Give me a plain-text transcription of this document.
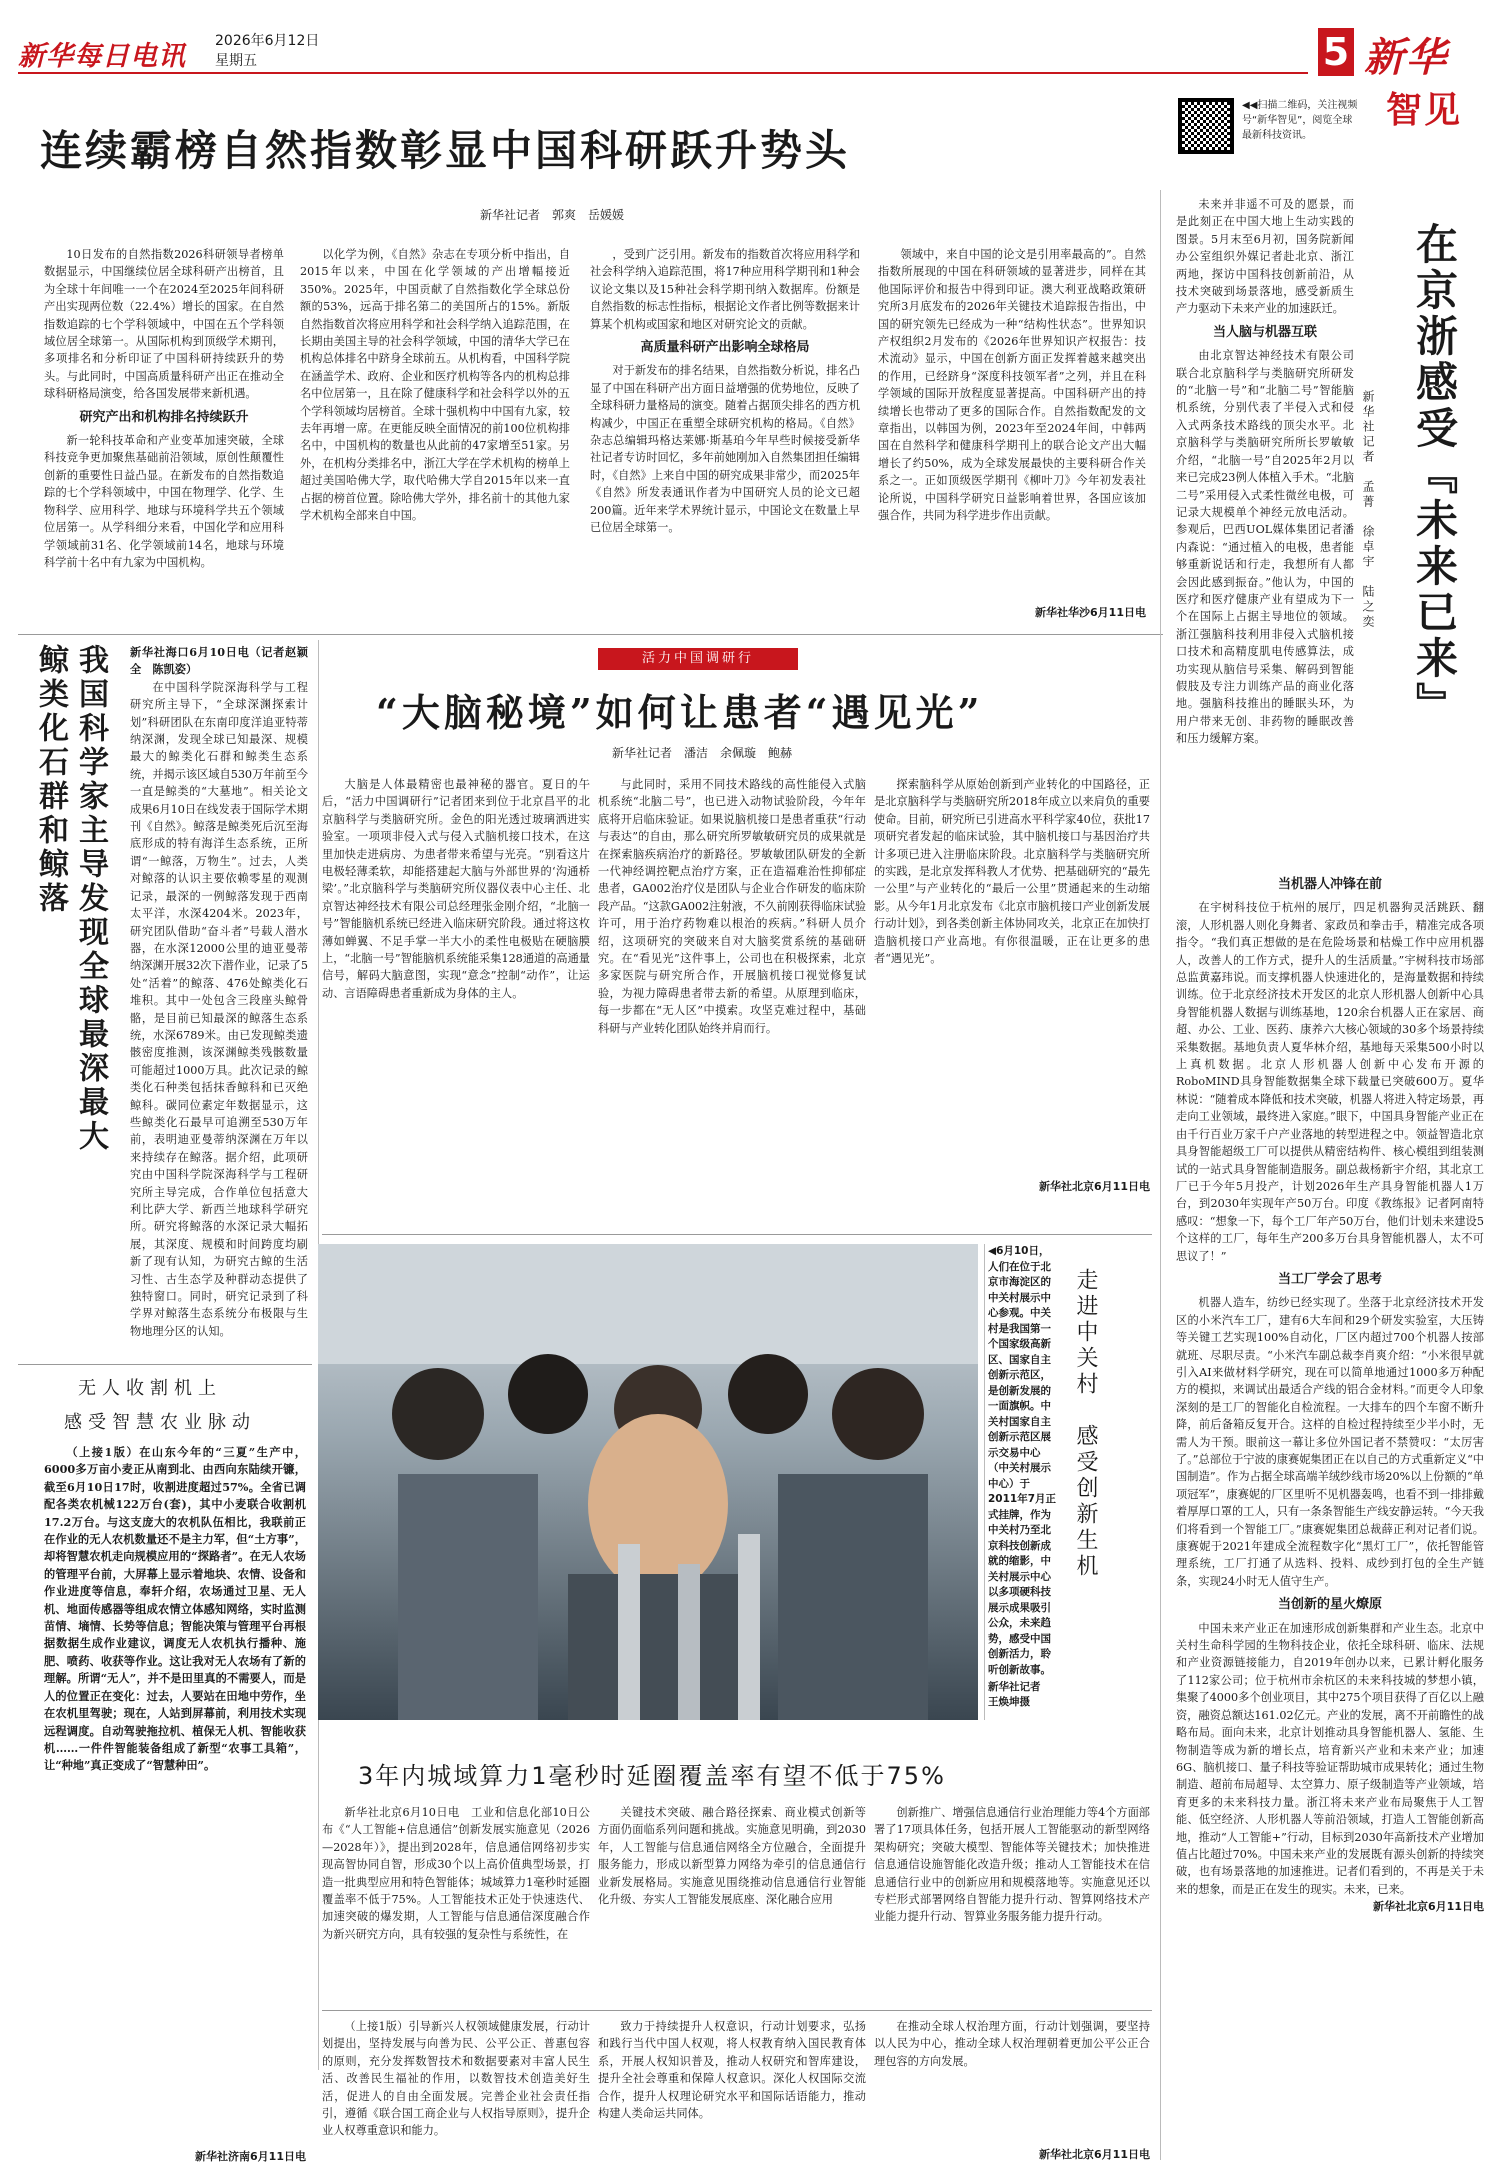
新华每日电讯 2026年6月12日
星期五	5 新华
智见
◀◀扫描二维码，关注视频号“新华智见”，阅览全球最新科技资讯。
连续霸榜自然指数彰显中国科研跃升势头
新华社记者　郭爽　岳媛媛

10日发布的自然指数2026科研领导者榜单数据显示，中国继续位居全球科研产出榜首，且为全球十年间唯一一个在2024至2025年间科研产出实现两位数（22.4%）增长的国家。在自然指数追踪的七个学科领域中，中国在五个学科领域位居全球第一。从国际机构到顶级学术期刊，多项排名和分析印证了中国科研持续跃升的势头。与此同时，中国高质量科研产出正在推动全球科研格局演变，给各国发展带来新机遇。

研究产出和机构排名持续跃升

新一轮科技革命和产业变革加速突破，全球科技竞争更加聚焦基础前沿领域，原创性颠覆性创新的重要性日益凸显。在新发布的自然指数追踪的七个学科领域中，中国在物理学、化学、生物科学、应用科学、地球与环境科学共五个领域位居第一。从学科细分来看，中国化学和应用科学领域前31名、化学领域前14名，地球与环境科学前十名中有九家为中国机构。

以化学为例，《自然》杂志在专项分析中指出，自2015年以来，中国在化学领域的产出增幅接近350%。2025年，中国贡献了自然指数化学全球总份额的53%，远高于排名第二的美国所占的15%。新版自然指数首次将应用科学和社会科学纳入追踪范围，在长期由美国主导的社会科学领域，中国的清华大学已在机构总体排名中跻身全球前五。从机构看，中国科学院在涵盖学术、政府、企业和医疗机构等各内的机构总排名中位居第一，且在除了健康科学和社会科学以外的五个学科领域均居榜首。全球十强机构中中国有九家，较去年再增一席。在更能反映全面情况的前100位机构排名中，中国机构的数量也从此前的47家增至51家。另外，在机构分类排名中，浙江大学在学术机构的榜单上超过美国哈佛大学，取代哈佛大学自2015年以来一直占据的榜首位置。除哈佛大学外，排名前十的其他九家学术机构全部来自中国。

，受到广泛引用。新发布的指数首次将应用科学和社会科学纳入追踪范围，将17种应用科学期刊和1种会议论文集以及15种社会科学期刊纳入数据库。份额是自然指数的标志性指标，根据论文作者比例等数据来计算某个机构或国家和地区对研究论文的贡献。

高质量科研产出影响全球格局

对于新发布的排名结果，自然指数分析说，排名凸显了中国在科研产出方面日益增强的优势地位，反映了全球科研力量格局的演变。随着占据顶尖排名的西方机构减少，中国正在重塑全球研究机构的格局。《自然》杂志总编辑玛格达莱娜·斯基珀今年早些时候接受新华社记者专访时回忆，多年前她刚加入自然集团担任编辑时，《自然》上来自中国的研究成果非常少，而2025年《自然》所发表通讯作者为中国研究人员的论文已超200篇。近年来学术界统计显示，中国论文在数量上早已位居全球第一。

领域中，来自中国的论文是引用率最高的”。自然指数所展现的中国在科研领域的显著进步，同样在其他国际评价和报告中得到印证。澳大利亚战略政策研究所3月底发布的2026年关键技术追踪报告指出，中国的研究领先已经成为一种“结构性状态”。世界知识产权组织2月发布的《2026年世界知识产权报告：技术流动》显示，中国在创新方面正发挥着越来越突出的作用，已经跻身“深度科技领军者”之列，并且在科学领域的国际开放程度显著提高。中国科研产出的持续增长也带动了更多的国际合作。自然指数配发的文章指出，以韩国为例，2023年至2024年间，中韩两国在自然科学和健康科学期刊上的联合论文产出大幅增长了约50%，成为全球发展最快的主要科研合作关系之一。正如顶级医学期刊《柳叶刀》今年初发表社论所说，中国科学研究日益影响着世界，各国应该加强合作，共同为科学进步作出贡献。

新华社华沙6月11日电	在京浙感受『未来已来』
新华社记者　孟菁　徐卓宇　陆之奕

未来并非遥不可及的愿景，而是此刻正在中国大地上生动实践的图景。5月末至6月初，国务院新闻办公室组织外媒记者赴北京、浙江两地，探访中国科技创新前沿，从技术突破到场景落地，感受新质生产力驱动下未来产业的加速跃迁。

当人脑与机器互联

由北京智达神经技术有限公司联合北京脑科学与类脑研究所研发的“北脑一号”和“北脑二号”智能脑机系统，分别代表了半侵入式和侵入式两条技术路线的顶尖水平。北京脑科学与类脑研究所所长罗敏敏介绍，“北脑一号”自2025年2月以来已完成23例人体植入手术。“北脑二号”采用侵入式柔性微丝电极，可记录大规模单个神经元放电活动。参观后，巴西UOL媒体集团记者潘内森说：“通过植入的电极，患者能够重新说话和行走，我想所有人都会因此感到振奋。”他认为，中国的医疗和医疗健康产业有望成为下一个在国际上占据主导地位的领域。浙江强脑科技利用非侵入式脑机接口技术和高精度肌电传感算法，成功实现从脑信号采集、解码到智能假肢及专注力训练产品的商业化落地。强脑科技推出的睡眠头环，为用户带来无创、非药物的睡眠改善和压力缓解方案。

当机器人冲锋在前

在宇树科技位于杭州的展厅，四足机器狗灵活跳跃、翻滚，人形机器人则化身舞者、家政员和拳击手，精准完成各项指令。“我们真正想做的是在危险场景和枯燥工作中应用机器人，改善人的工作方式，提升人的生活质量。”宇树科技市场部总监黄嘉玮说。而支撑机器人快速进化的，是海量数据和持续训练。位于北京经济技术开发区的北京人形机器人创新中心具身智能机器人数据与训练基地，120余台机器人正在家居、商超、办公、工业、医药、康养六大核心领域的30多个场景持续采集数据。基地负责人夏华林介绍，基地每天采集500小时以上真机数据。北京人形机器人创新中心发布开源的RoboMIND具身智能数据集全球下载量已突破600万。夏华林说：“随着成本降低和技术突破，机器人将进入特定场景，再走向工业领域，最终进入家庭。”眼下，中国具身智能产业正在由千行百业万家千户产业落地的转型进程之中。领益智造北京具身智能超级工厂可以提供从精密结构件、核心模组到组装测试的一站式具身智能制造服务。副总裁杨新宇介绍，其北京工厂已于今年5月投产，计划2026年生产具身智能机器人1万台，到2030年实现年产50万台。印度《教练报》记者阿南特感叹：“想象一下，每个工厂年产50万台，他们计划未来建设5个这样的工厂，每年生产200多万台具身智能机器人，太不可思议了！”

当工厂学会了思考

机器人造车，纺纱已经实现了。坐落于北京经济技术开发区的小米汽车工厂，建有6大车间和29个研发实验室，大压铸等关键工艺实现100%自动化，厂区内超过700个机器人按部就班、尽职尽责。“小米汽车副总裁李肖爽介绍：“小米很早就引入AI来做材料学研究，现在可以简单地通过1000多万种配方的模拟，来调试出最适合产线的铝合金材料。”而更令人印象深刻的是工厂的智能化自检流程。一大排车的四个车窗不断升降，前后备箱反复开合。这样的自检过程持续至少半小时，无需人为干预。眼前这一幕让多位外国记者不禁赞叹：“太厉害了。”总部位于宁波的康赛妮集团正在以自己的方式重新定义“中国制造”。作为占据全球高端羊绒纱线市场20%以上份额的“单项冠军”，康赛妮的厂区里听不见机器轰鸣，也看不到一排排戴着厚厚口罩的工人，只有一条条智能生产线安静运转。“今天我们将看到一个智能工厂。”康赛妮集团总裁薛正利对记者们说。康赛妮于2021年建成全流程数字化“黑灯工厂”，依托智能管理系统，工厂打通了从选料、投料、成纱到打包的全生产链条，实现24小时无人值守生产。

当创新的星火燎原

中国未来产业正在加速形成创新集群和产业生态。北京中关村生命科学园的生物科技企业，依托全球科研、临床、法规和产业资源链接能力，自2019年创办以来，已累计孵化服务了112家公司；位于杭州市余杭区的未来科技城的梦想小镇，集聚了4000多个创业项目，其中275个项目获得了百亿以上融资，融资总额达161.02亿元。产业的发展，离不开前瞻性的战略布局。面向未来，北京计划推动具身智能机器人、氢能、生物制造等成为新的增长点，培育新兴产业和未来产业；加速6G、脑机接口、量子科技等验证帮助城市成果转化；通过生物制造、超前布局超导、太空算力、原子级制造等产业领域，培育更多的未来科技力量。浙江将未来产业布局聚焦于人工智能、低空经济、人形机器人等前沿领域，打造人工智能创新高地，推动“人工智能+”行动，目标到2030年高新技术产业增加值占比超过70%。中国未来产业的发展既有源头创新的持续突破，也有场景落地的加速推进。记者们看到的，不再是关于未来的想象，而是正在发生的现实。未来，已来。

新华社北京6月11日电
我国科学家主导发现全球最深最大鲸类化石群和鲸落	新华社海口6月10日电（记者赵颖全　陈凯姿）

在中国科学院深海科学与工程研究所主导下，“全球深渊探索计划”科研团队在东南印度洋追亚特蒂纳深渊，发现全球已知最深、规模最大的鲸类化石群和鲸类生态系统，并揭示该区域自530万年前至今一直是鲸类的“大墓地”。相关论文成果6月10日在线发表于国际学术期刊《自然》。鲸落是鲸类死后沉至海底形成的特有海洋生态系统，正所谓“一鲸落，万物生”。过去，人类对鲸落的认识主要依赖零星的观测记录，最深的一例鲸落发现于西南太平洋，水深4204米。2023年，研究团队借助“奋斗者”号载人潜水器，在水深12000公里的迪亚曼蒂纳深渊开展32次下潜作业，记录了5处“活着”的鲸落、476处鲸类化石堆积。其中一处包含三段座头鲸骨骼，是目前已知最深的鲸落生态系统，水深6789米。由已发现鲸类遗骸密度推测，该深渊鲸类残骸数量可能超过1000万具。此次记录的鲸类化石种类包括抹香鲸科和已灭绝鲸科。碳同位素定年数据显示，这些鲸类化石最早可追溯至530万年前，表明迪亚曼蒂纳深渊在万年以来持续存在鲸落。据介绍，此项研究由中国科学院深海科学与工程研究所主导完成，合作单位包括意大利比萨大学、新西兰地球科学研究所。研究将鲸落的水深记录大幅拓展，其深度、规模和时间跨度均刷新了现有认知，为研究古鲸的生活习性、古生态学及种群动态提供了独特窗口。同时，研究记录到了科学界对鲸落生态系统分布极限与生物地理分区的认知。

无人收割机上
感受智慧农业脉动

（上接1版）在山东今年的“三夏”生产中，6000多万亩小麦正从南到北、由西向东陆续开镰，截至6月10日17时，收割进度超过57%。全省已调配各类农机械122万台(套)，其中小麦联合收割机17.2万台。与这支庞大的农机队伍相比，我联前正在作业的无人农机数量还不是主力军，但“土方事”，却将智慧农机走向规模应用的“探路者”。在无人农场的管理平台前，大屏幕上显示着地块、农情、设备和作业进度等信息，奉轩介绍，农场通过卫星、无人机、地面传感器等组成农情立体感知网络，实时监测苗情、墒情、长势等信息；智能决策与管理平台再根据数据生成作业建议，调度无人农机执行播种、施肥、喷药、收获等作业。这让我对无人农场有了新的理解。所谓“无人”，并不是田里真的不需要人，而是人的位置正在变化：过去，人要站在田地中劳作，坐在农机里驾驶；现在，人站到屏幕前，利用技术实现远程调度。自动驾驶拖拉机、植保无人机、智能收获机……一件件智能装备组成了新型“农事工具箱”，让“种地”真正变成了“智慧种田”。

新华社济南6月11日电
活力中国调研行
“大脑秘境”如何让患者“遇见光”
新华社记者　潘洁　余佩璇　鲍赫

大脑是人体最精密也最神秘的器官。夏日的午后，“活力中国调研行”记者团来到位于北京昌平的北京脑科学与类脑研究所。金色的阳光透过玻璃洒进实验室。一项项非侵入式与侵入式脑机接口技术，在这里加快走进病房、为患者带来希望与光亮。“别看这片电极轻薄柔软，却能搭建起大脑与外部世界的‘沟通桥梁’。”北京脑科学与类脑研究所仪器仪表中心主任、北京智达神经技术有限公司总经理张金刚介绍，“北脑一号”智能脑机系统已经进入临床研究阶段。通过将这枚薄如蝉翼、不足手掌一半大小的柔性电极贴在硬脑膜上，“北脑一号”智能脑机系统能采集128通道的高通量信号，解码大脑意图，实现“意念”控制“动作”，让运动、言语障碍患者重新成为身体的主人。

与此同时，采用不同技术路线的高性能侵入式脑机系统“北脑二号”，也已进入动物试验阶段，今年年底将开启临床验证。如果说脑机接口是患者重获“行动与表达”的自由，那么研究所罗敏敏研究员的成果就是在探索脑疾病治疗的新路径。罗敏敏团队研发的全新一代神经调控靶点治疗方案，正在造福难治性抑郁症患者，GA002治疗仪是团队与企业合作研发的临床阶段产品。“这款GA002注射液，不久前刚获得临床试验许可，用于治疗药物难以根治的疾病。”科研人员介绍，这项研究的突破来自对大脑奖赏系统的基础研究。在“看见光”这件事上，公司也在积极探索，北京多家医院与研究所合作，开展脑机接口视觉修复试验，为视力障碍患者带去新的希望。从原理到临床，每一步都在“无人区”中摸索。攻坚克难过程中，基础科研与产业转化团队始终并肩而行。

探索脑科学从原始创新到产业转化的中国路径，正是北京脑科学与类脑研究所2018年成立以来肩负的重要使命。目前，研究所已引进高水平科学家40位，获批17项研究者发起的临床试验，其中脑机接口与基因治疗共计多项已进入注册临床阶段。北京脑科学与类脑研究所的实践，是北京发挥科教人才优势、把基础研究的“最先一公里”与产业转化的“最后一公里”贯通起来的生动缩影。从今年1月北京发布《北京市脑机接口产业创新发展行动计划》，到各类创新主体协同攻关，北京正在加快打造脑机接口产业高地。有你很温暖，正在让更多的患者“遇见光”。

新华社北京6月11日电
◀6月10日，人们在位于北京市海淀区的中关村展示中心参观。中关村是我国第一个国家级高新区、国家自主创新示范区，是创新发展的一面旗帜。中关村国家自主创新示范区展示交易中心（中关村展示中心）于2011年7月正式挂牌，作为中关村乃至北京科技创新成就的缩影，中关村展示中心以多项硬科技展示成果吸引公众，未来趋势，感受中国创新活力，聆听创新故事。
新华社记者　王焕坤摄
走进中关村　感受创新生机
3年内城域算力1毫秒时延圈覆盖率有望不低于75%

新华社北京6月10日电　工业和信息化部10日公布《“人工智能+信息通信”创新发展实施意见（2026—2028年）》，提出到2028年，信息通信网络初步实现高智协同自智，形成30个以上高价值典型场景，打造一批典型应用和特色智能体；城域算力1毫秒时延圈覆盖率不低于75%。人工智能技术正处于快速迭代、加速突破的爆发期，人工智能与信息通信深度融合作为新兴研究方向，具有较强的复杂性与系统性，在

关键技术突破、融合路径探索、商业模式创新等方面仍面临系列问题和挑战。实施意见明确，到2030年，人工智能与信息通信网络全方位融合，全面提升服务能力，形成以新型算力网络为牵引的信息通信行业新发展格局。实施意见围绕推动信息通信行业智能化升级、夯实人工智能发展底座、深化融合应用

创新推广、增强信息通信行业治理能力等4个方面部署了17项具体任务，包括开展人工智能驱动的新型网络架构研究；突破大模型、智能体等关键技术；加快推进信息通信设施智能化改造升级；推动人工智能技术在信息通信行业中的创新应用和规模落地等。实施意见还以专栏形式部署网络自智能力提升行动、智算网络技术产业能力提升行动、智算业务服务能力提升行动。

（上接1版）引导新兴人权领域健康发展，行动计划提出，坚持发展与向善为民、公平公正、普惠包容的原则，充分发挥数智技术和数据要素对丰富人民生活、改善民生福祉的作用，以数智技术创造美好生活，促进人的自由全面发展。完善企业社会责任指引，遵循《联合国工商企业与人权指导原则》，提升企业人权尊重意识和能力。

致力于持续提升人权意识，行动计划要求，弘扬和践行当代中国人权观，将人权教育纳入国民教育体系，开展人权知识普及，推动人权研究和智库建设，提升全社会尊重和保障人权意识。深化人权国际交流合作，提升人权理论研究水平和国际话语能力，推动构建人类命运共同体。

在推动全球人权治理方面，行动计划强调，要坚持以人民为中心，推动全球人权治理朝着更加公平公正合理包容的方向发展。

新华社北京6月11日电
